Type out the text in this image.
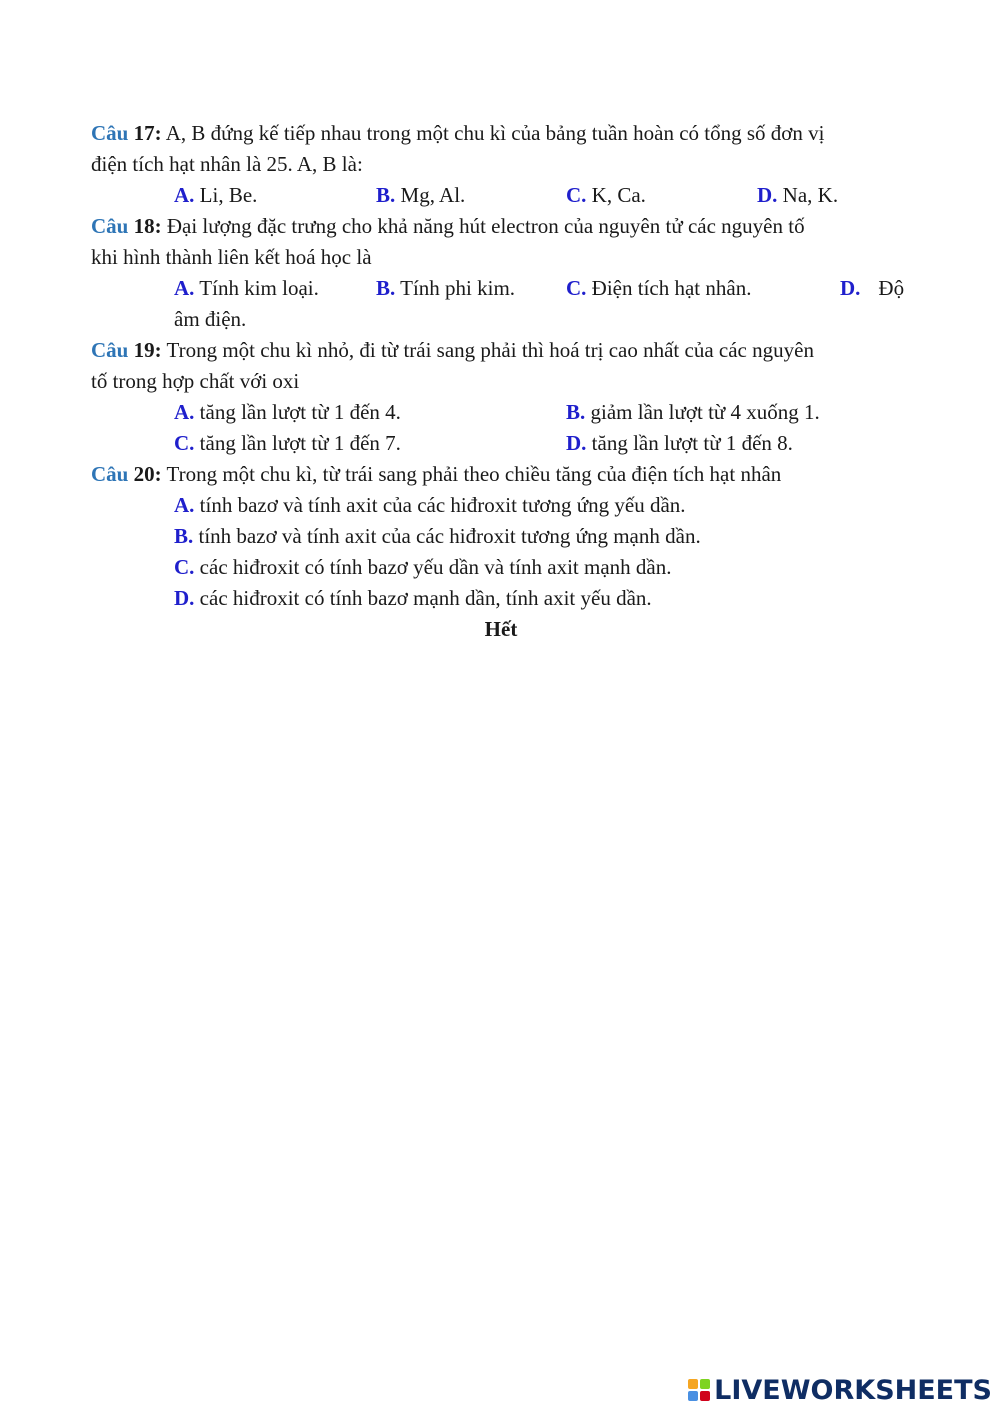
Câu 17: A, B đứng kế tiếp nhau trong một chu kì của bảng tuần hoàn có tổng số đơn vị
điện tích hạt nhân là 25. A, B là:
A. Li, Be.	B. Mg, Al.	C. K, Ca.	D. Na, K.
Câu 18: Đại lượng đặc trưng cho khả năng hút electron của nguyên tử các nguyên tố
khi hình thành liên kết hoá học là
A. Tính kim loại.	B. Tính phi kim. C. Điện tích hạt nhân.	D. Độ
âm điện.
Câu 19: Trong một chu kì nhỏ, đi từ trái sang phải thì hoá trị cao nhất của các nguyên
tố trong hợp chất với oxi
A. tăng lần lượt từ 1 đến 4.	B. giảm lần lượt từ 4 xuống 1.
C. tăng lần lượt từ 1 đến 7.	D. tăng lần lượt từ 1 đến 8.
Câu 20: Trong một chu kì, từ trái sang phải theo chiều tăng của điện tích hạt nhân
A. tính bazơ và tính axit của các hiđroxit tương ứng yếu dần.
B. tính bazơ và tính axit của các hiđroxit tương ứng mạnh dần.
C. các hiđroxit có tính bazơ yếu dần và tính axit mạnh dần.
D. các hiđroxit có tính bazơ mạnh dần, tính axit yếu dần.
Hết
LIVEWORKSHEETS
